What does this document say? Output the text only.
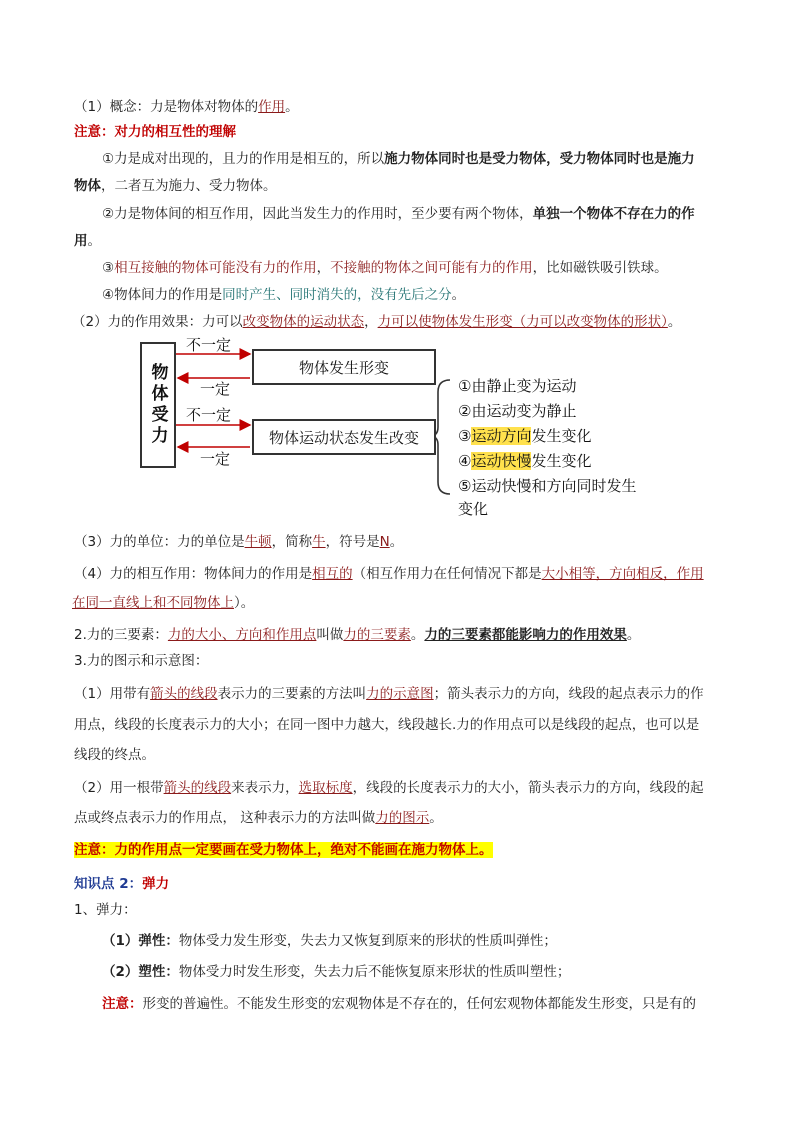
（1）概念：力是物体对物体的作用。
注意：对力的相互性的理解
①力是成对出现的，且力的作用是相互的，所以施力物体同时也是受力物体，受力物体同时也是施力
物体，二者互为施力、受力物体。
②力是物体间的相互作用，因此当发生力的作用时，至少要有两个物体，单独一个物体不存在力的作
用。
③相互接触的物体可能没有力的作用，不接触的物体之间可能有力的作用，比如磁铁吸引铁球。
④物体间力的作用是同时产生、同时消失的，没有先后之分。
（2）力的作用效果：力可以改变物体的运动状态，力可以使物体发生形变（力可以改变物体的形状）。
物体受力	物体发生形变
物体运动状态发生改变
不一定
一定
不一定
一定
①由静止变为运动
②由运动变为静止
③运动方向发生变化
④运动快慢发生变化
⑤运动快慢和方向同时发生
变化
（3）力的单位：力的单位是牛顿，简称牛，符号是N。
（4）力的相互作用：物体间力的作用是相互的（相互作用力在任何情况下都是大小相等，方向相反，作用
在同一直线上和不同物体上）。
2.力的三要素：力的大小、方向和作用点叫做力的三要素。力的三要素都能影响力的作用效果。
3.力的图示和示意图：
（1）用带有箭头的线段表示力的三要素的方法叫力的示意图；箭头表示力的方向，线段的起点表示力的作
用点，线段的长度表示力的大小；在同一图中力越大，线段越长.力的作用点可以是线段的起点，也可以是
线段的终点。
（2）用一根带箭头的线段来表示力，选取标度，线段的长度表示力的大小，箭头表示力的方向，线段的起
点或终点表示力的作用点， 这种表示力的方法叫做力的图示。
注意：力的作用点一定要画在受力物体上，绝对不能画在施力物体上。
知识点 2：弹力
1、弹力：
（1）弹性：物体受力发生形变，失去力又恢复到原来的形状的性质叫弹性；
（2）塑性：物体受力时发生形变，失去力后不能恢复原来形状的性质叫塑性；
注意：形变的普遍性。不能发生形变的宏观物体是不存在的，任何宏观物体都能发生形变，只是有的
